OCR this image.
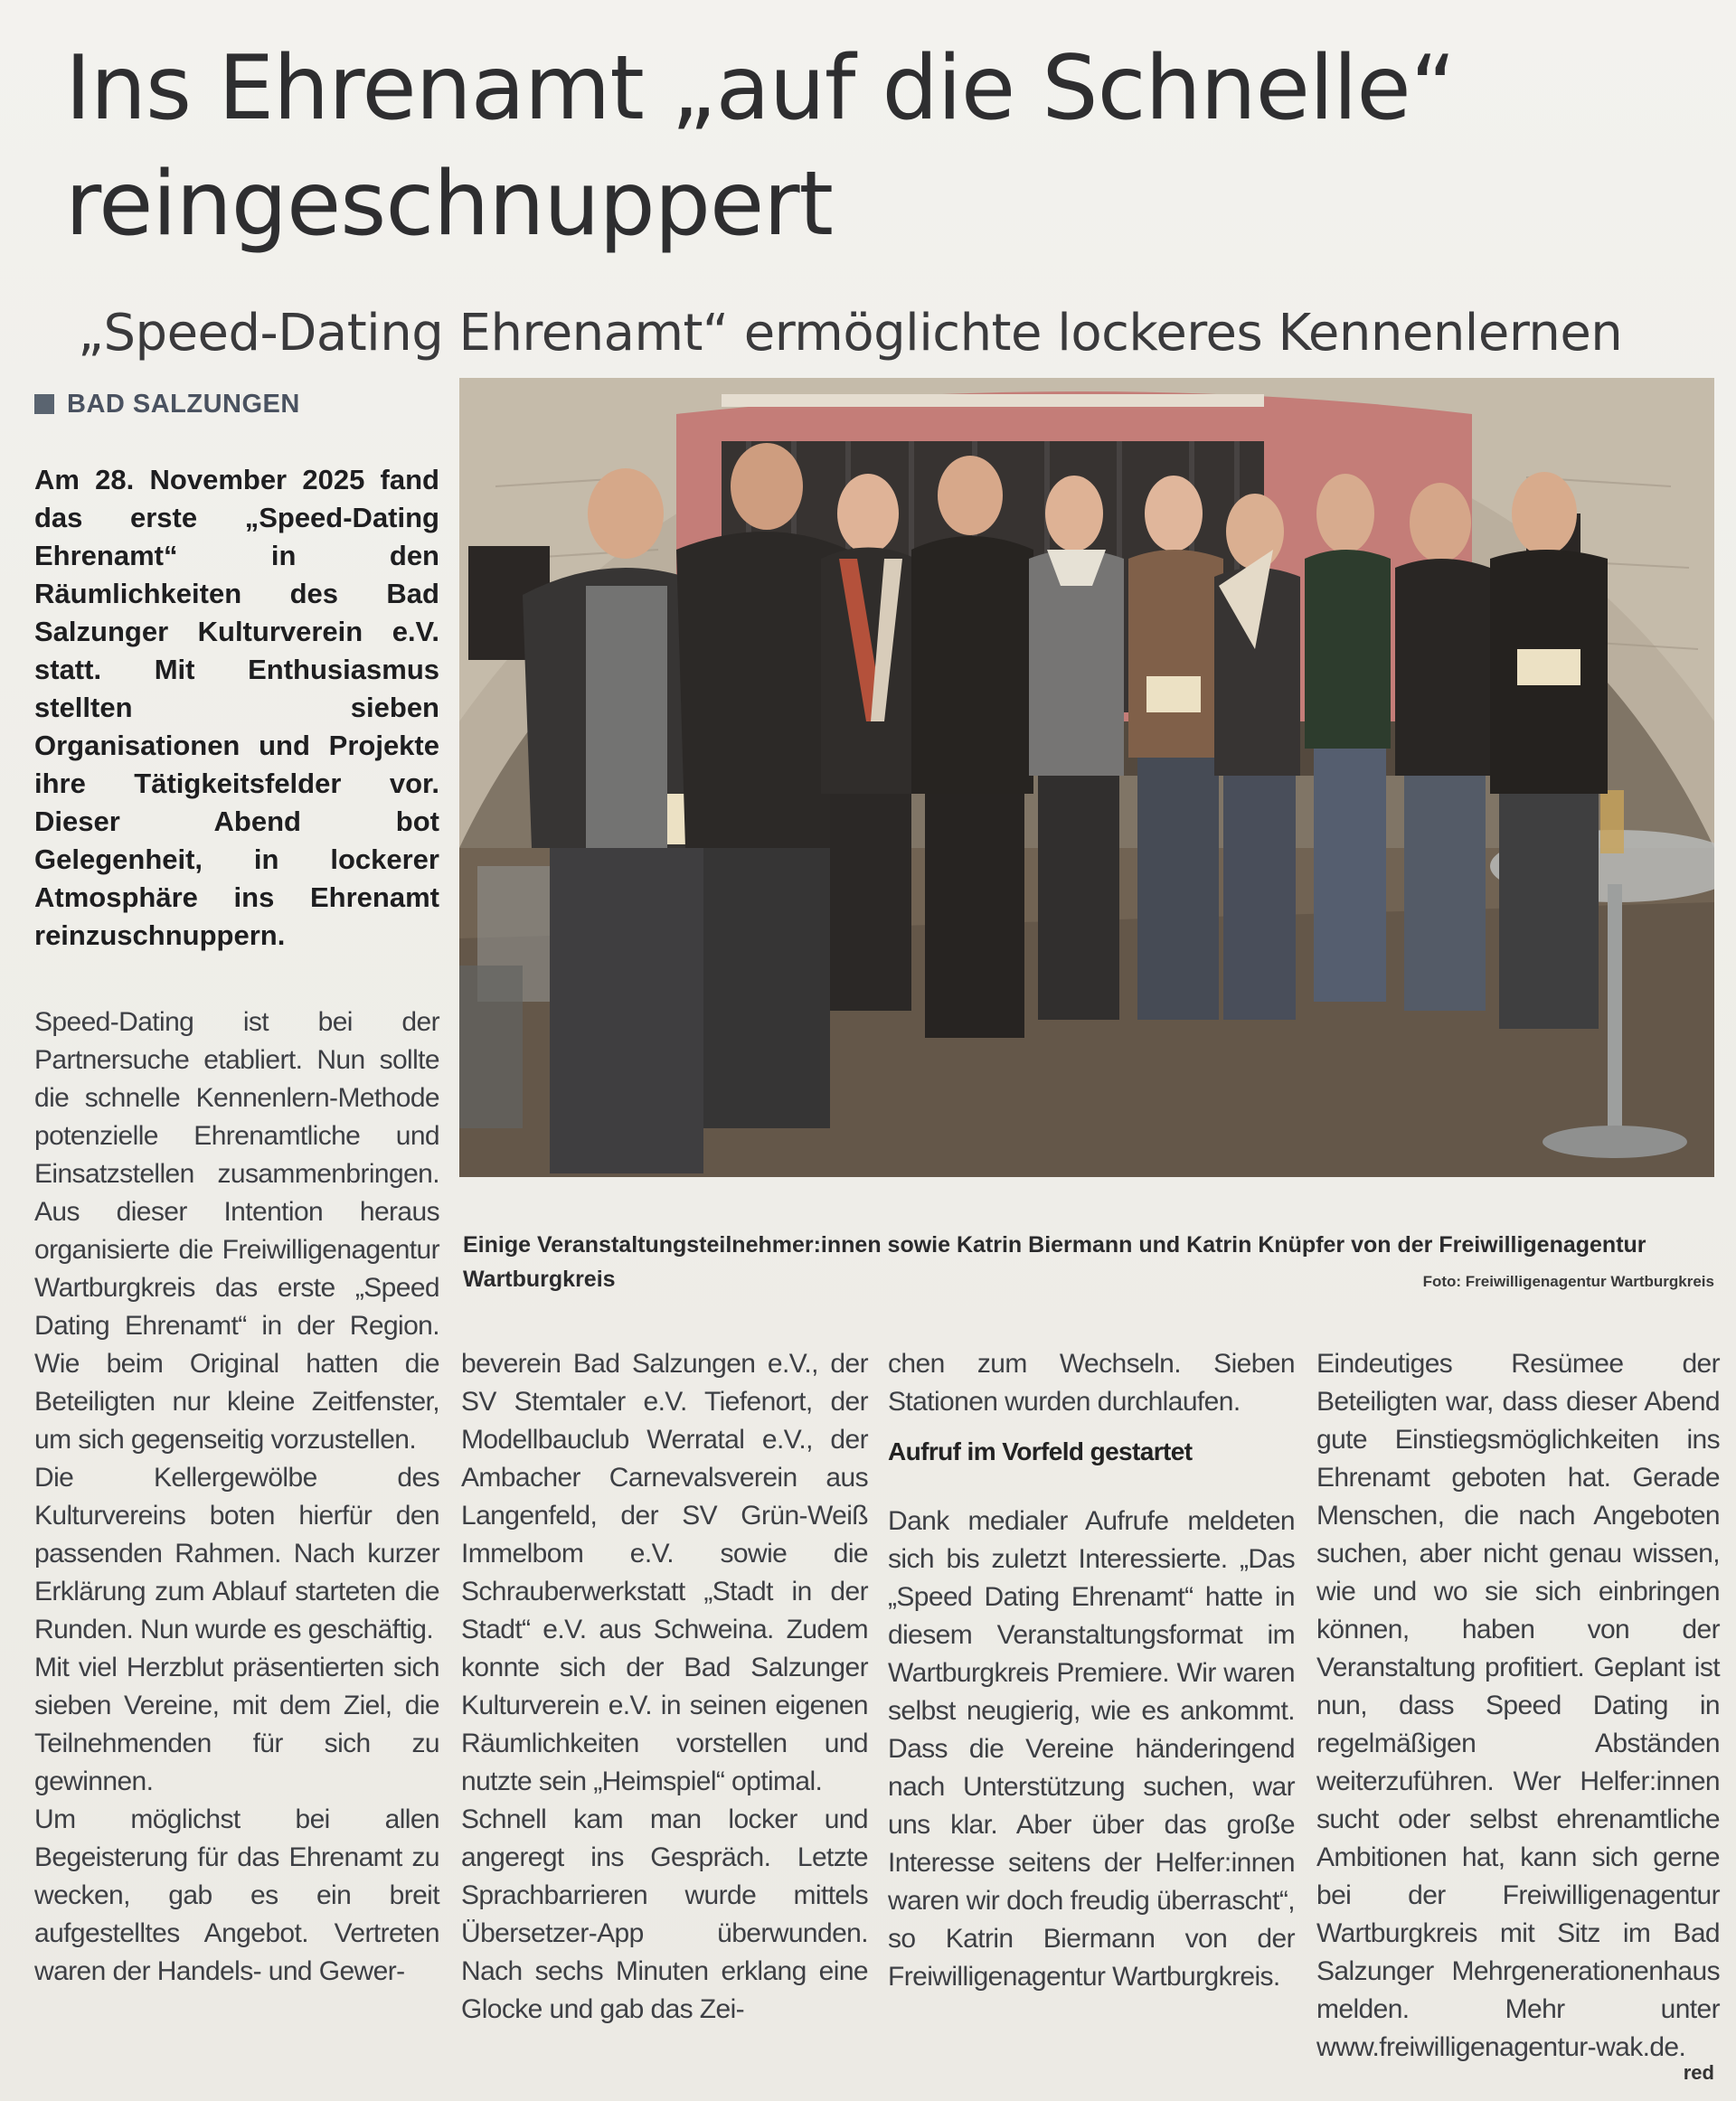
Ins Ehrenamt „auf die Schnelle“ reingeschnuppert
„Speed-Dating Ehrenamt“ ermöglichte lockeres Kennenlernen
BAD SALZUNGEN
Am 28. November 2025 fand das erste „Speed-Dating Ehrenamt“ in den Räumlichkeiten des Bad Salzunger Kulturverein e.V. statt. Mit Enthusiasmus stellten sieben Organisationen und Projekte ihre Tätigkeitsfelder vor. Dieser Abend bot Gelegenheit, in lockerer Atmosphäre ins Ehrenamt reinzuschnuppern.
Einige Veranstaltungsteilnehmer:innen sowie Katrin Biermann und Katrin Knüpfer von der Freiwilligenagentur Wartburgkreis	Foto: Freiwilligenagentur Wartburgkreis

Speed-Dating ist bei der Partnersuche etabliert. Nun sollte die schnelle Kennenlern-Methode potenzielle Ehrenamtliche und Einsatzstellen zusammenbringen. Aus dieser Intention heraus organisierte die Freiwilligenagentur Wartburgkreis das erste „Speed Dating Ehrenamt“ in der Region. Wie beim Original hatten die Beteiligten nur kleine Zeitfenster, um sich gegenseitig vorzustellen.

Die Kellergewölbe des Kulturvereins boten hierfür den passenden Rahmen. Nach kurzer Erklärung zum Ablauf starteten die Runden. Nun wurde es geschäftig.

Mit viel Herzblut präsentierten sich sieben Vereine, mit dem Ziel, die Teilnehmenden für sich zu gewinnen.

Um möglichst bei allen Begeisterung für das Ehrenamt zu wecken, gab es ein breit aufgestelltes Angebot. Vertreten waren der Handels- und Gewer-

beverein Bad Salzungen e.V., der SV Stemtaler e.V. Tiefenort, der Modellbauclub Werratal e.V., der Ambacher Carnevalsverein aus Langenfeld, der SV Grün-Weiß Immelbom e.V. sowie die Schrauberwerkstatt „Stadt in der Stadt“ e.V. aus Schweina. Zudem konnte sich der Bad Salzunger Kulturverein e.V. in seinen eigenen Räumlichkeiten vorstellen und nutzte sein „Heimspiel“ optimal.

Schnell kam man locker und angeregt ins Gespräch. Letzte Sprachbarrieren wurde mittels Übersetzer-App überwunden. Nach sechs Minuten erklang eine Glocke und gab das Zei-

chen zum Wechseln. Sieben Stationen wurden durchlaufen.

Aufruf im Vorfeld gestartet

Dank medialer Aufrufe meldeten sich bis zuletzt Interessierte. „Das „Speed Dating Ehrenamt“ hatte in diesem Veranstaltungsformat im Wartburgkreis Premiere. Wir waren selbst neugierig, wie es ankommt. Dass die Vereine händeringend nach Unterstützung suchen, war uns klar. Aber über das große Interesse seitens der Helfer:innen waren wir doch freudig überrascht“, so Katrin Biermann von der Freiwilligenagentur Wartburgkreis.

Eindeutiges Resümee der Beteiligten war, dass dieser Abend gute Einstiegsmöglichkeiten ins Ehrenamt geboten hat. Gerade Menschen, die nach Angeboten suchen, aber nicht genau wissen, wie und wo sie sich einbringen können, haben von der Veranstaltung profitiert. Geplant ist nun, dass Speed Dating in regelmäßigen Abständen weiterzuführen. Wer Helfer:innen sucht oder selbst ehrenamtliche Ambitionen hat, kann sich gerne bei der Freiwilligenagentur Wartburgkreis mit Sitz im Bad Salzunger Mehrgenerationenhaus melden. Mehr unter www.freiwilligenagentur-wak.de.

red
